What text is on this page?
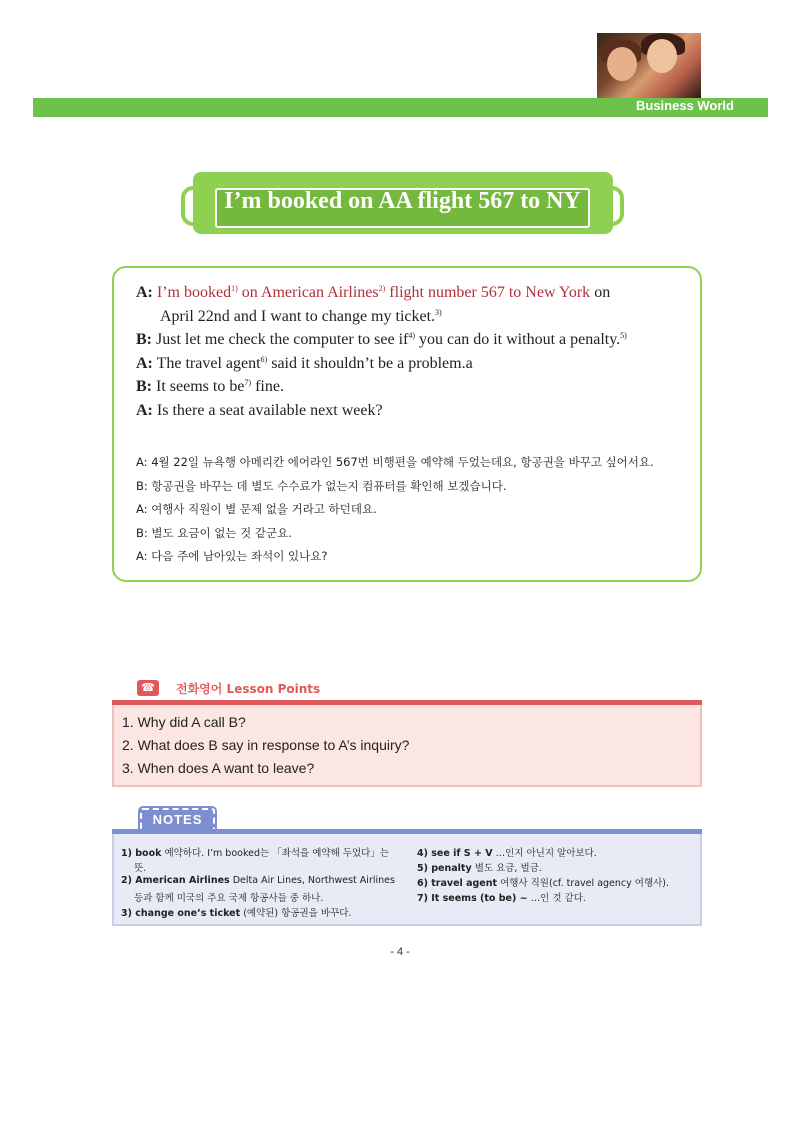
Business World
I’m booked on AA flight 567 to NY
A: I’m booked$^{1)}$ on American Airlines$^{2)}$ flight number 567 to New York on
April 22nd and I want to change my ticket.$^{3)}$
B: Just let me check the computer to see $if^{4)}$ you can do it without a penalty.$^{5)}$
A: The travel agent$^{6)}$ said it shouldn’t be a problem.a
B: It seems to $be^{7)}$ fine.
A: Is there a seat available next week?
A: 4월 22일 뉴욕행 아메리칸 에어라인 567번 비행편을 예약해 두었는데요, 항공권을 바꾸고 싶어서요.
B: 항공권을 바꾸는 데 별도 수수료가 없는지 컴퓨터를 확인해 보겠습니다.
A: 여행사 직원이 별 문제 없을 거라고 하던데요.
B: 별도 요금이 없는 것 같군요.
A: 다음 주에 남아있는 좌석이 있나요?
☎	전화영어 Lesson Points
1. Why did A call B?
2. What does B say in response to A’s inquiry?
3. When does A want to leave?
NOTES
1) book 예약하다. I’m booked는 「좌석을 예약해 두었다」는
뜻.
2) American Airlines Delta Air Lines, Northwest Airlines
등과 함께 미국의 주요 국제 항공사들 중 하나.
3) change one’s ticket (예약된) 항공권을 바꾸다.
4) see if S + V …인지 아닌지 알아보다.
5) penalty 별도 요금, 벌금.
6) travel agent 여행사 직원(cf. travel agency 여행사).
7) It seems (to be) ~ …인 것 같다.
- 4 -
